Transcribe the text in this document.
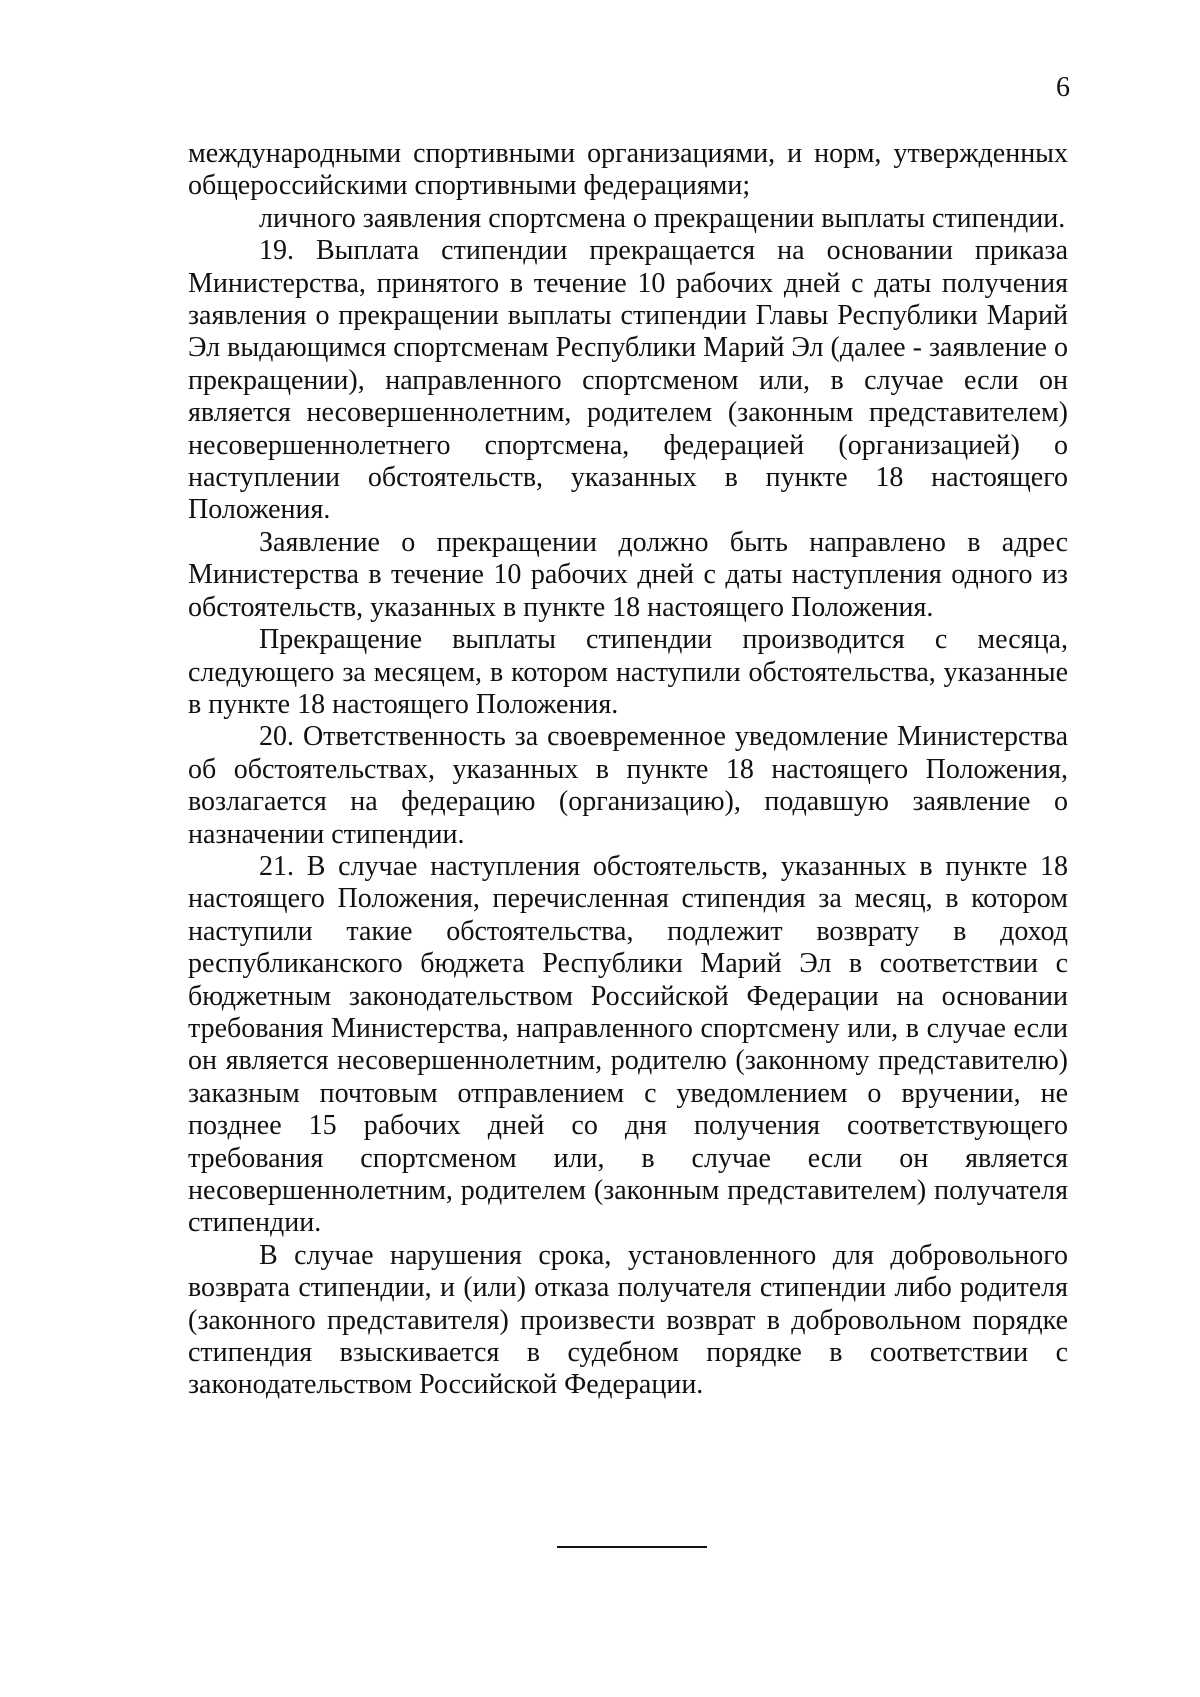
6

международными спортивными организациями, и норм, утвержденных общероссийскими спортивными федерациями;

личного заявления спортсмена о прекращении выплаты стипендии.

19. Выплата стипендии прекращается на основании приказа Министерства, принятого в течение 10 рабочих дней с даты получения заявления о прекращении выплаты стипендии Главы Республики Марий Эл выдающимся спортсменам Республики Марий Эл (далее - заявление о прекращении), направленного спортсменом или, в случае если он является несовершеннолетним, родителем (законным представителем) несовершеннолетнего спортсмена, федерацией (организацией) о наступлении обстоятельств, указанных в пункте 18 настоящего Положения.

Заявление о прекращении должно быть направлено в адрес Министерства в течение 10 рабочих дней с даты наступления одного из обстоятельств, указанных в пункте 18 настоящего Положения.

Прекращение выплаты стипендии производится с месяца, следующего за месяцем, в котором наступили обстоятельства, указанные в пункте 18 настоящего Положения.

20. Ответственность за своевременное уведомление Министерства об обстоятельствах, указанных в пункте 18 настоящего Положения, возлагается на федерацию (организацию), подавшую заявление о назначении стипендии.

21. В случае наступления обстоятельств, указанных в пункте 18 настоящего Положения, перечисленная стипендия за месяц, в котором наступили такие обстоятельства, подлежит возврату в доход республиканского бюджета Республики Марий Эл в соответствии с бюджетным законодательством Российской Федерации на основании требования Министерства, направленного спортсмену или, в случае если он является несовершеннолетним, родителю (законному представителю) заказным почтовым отправлением с уведомлением о вручении, не позднее 15 рабочих дней со дня получения соответствующего требования спортсменом или, в случае если он является несовершеннолетним, родителем (законным представителем) получателя стипендии.

В случае нарушения срока, установленного для добровольного возврата стипендии, и (или) отказа получателя стипендии либо родителя (законного представителя) произвести возврат в добровольном порядке стипендия взыскивается в судебном порядке в соответствии с законодательством Российской Федерации.
